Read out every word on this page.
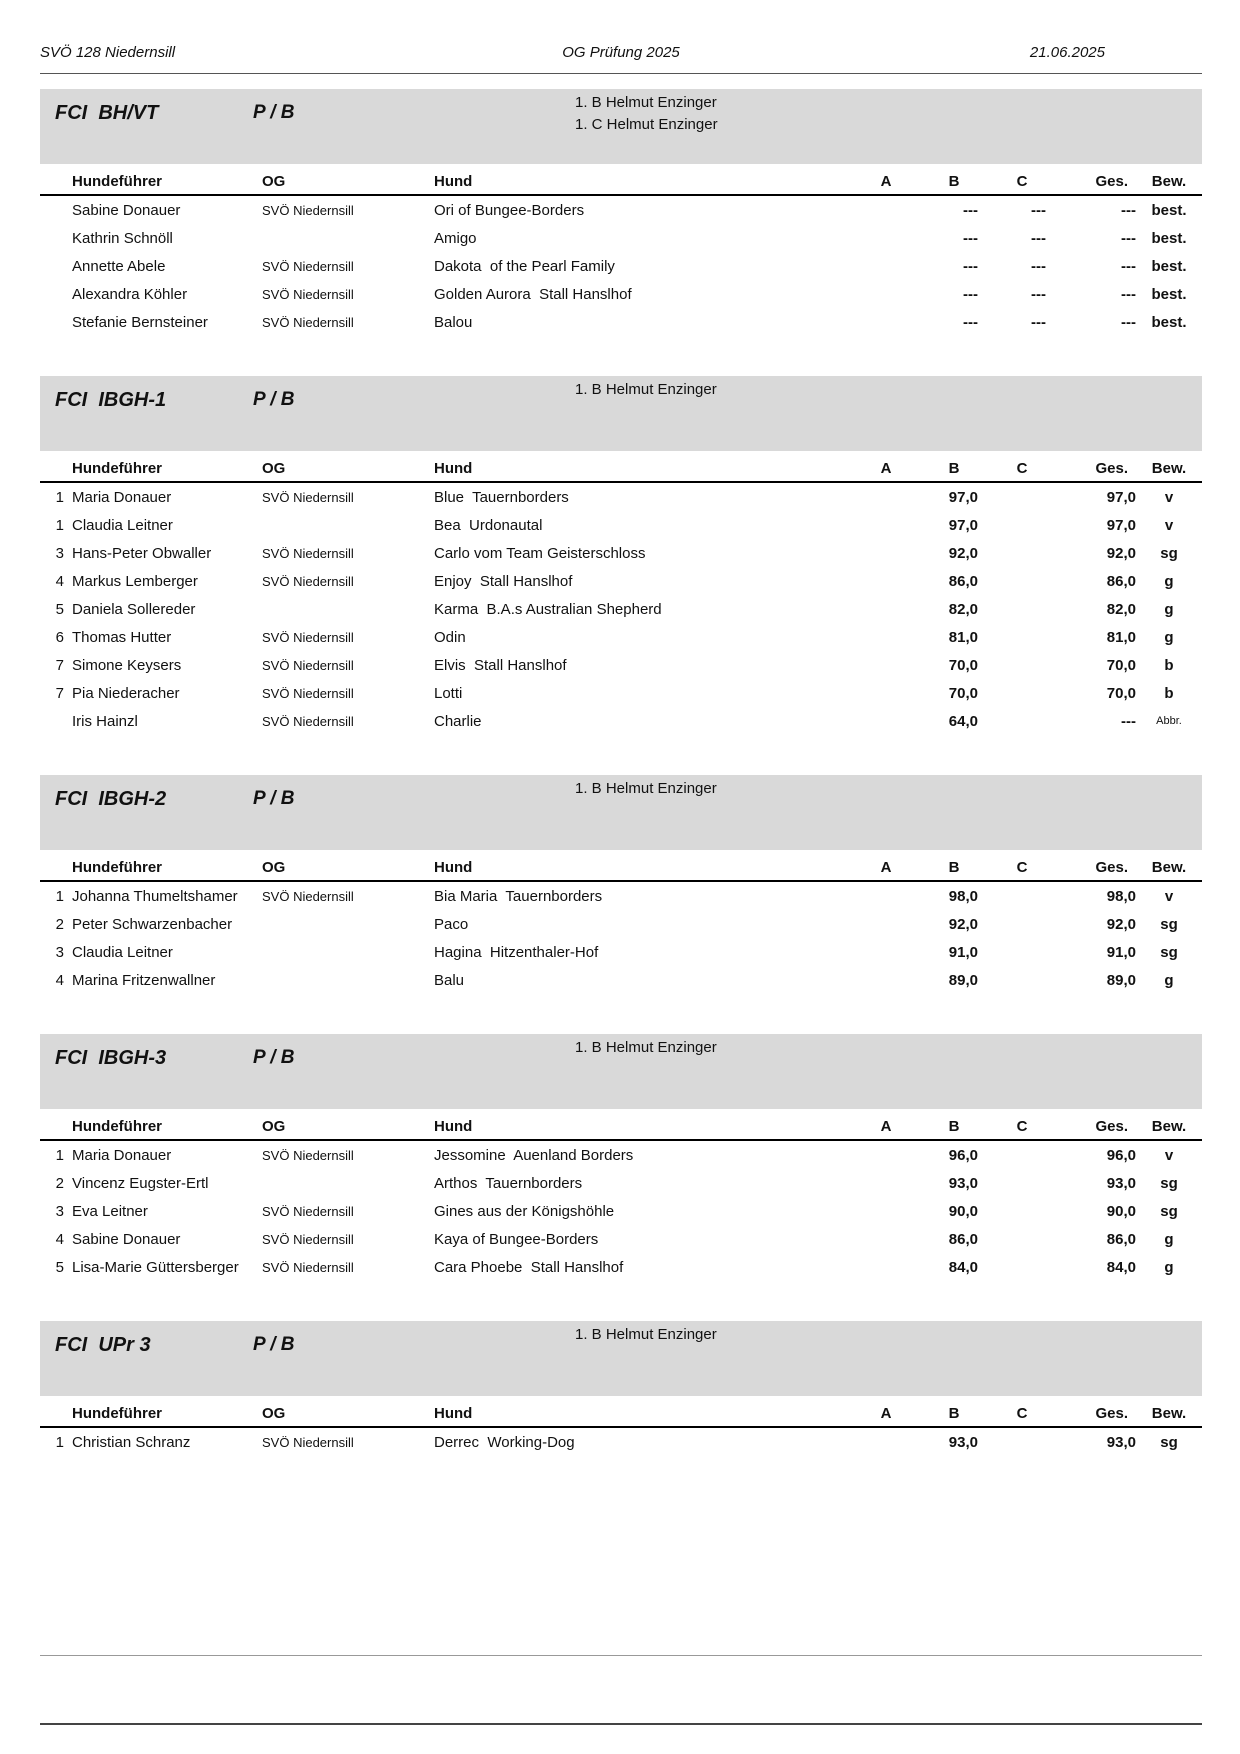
SVÖ 128 Niedernsill	OG Prüfung 2025	21.06.2025
FCI  BH/VT	P / B	1. B Helmut Enzinger
1. C Helmut Enzinger
	Hundeführer	OG	Hund	A	B	C	Ges.	Bew.
	Sabine Donauer	SVÖ Niedernsill	Ori of Bungee-Borders		---	---	---	best.
	Kathrin Schnöll		Amigo		---	---	---	best.
	Annette Abele	SVÖ Niedernsill	Dakota  of the Pearl Family		---	---	---	best.
	Alexandra Köhler	SVÖ Niedernsill	Golden Aurora  Stall Hanslhof		---	---	---	best.
	Stefanie Bernsteiner	SVÖ Niedernsill	Balou		---	---	---	best.
FCI  IBGH-1	P / B	1. B Helmut Enzinger
	Hundeführer	OG	Hund	A	B	C	Ges.	Bew.
1	Maria Donauer	SVÖ Niedernsill	Blue  Tauernborders		97,0		97,0	v
1	Claudia Leitner		Bea  Urdonautal		97,0		97,0	v
3	Hans-Peter Obwaller	SVÖ Niedernsill	Carlo vom Team Geisterschloss		92,0		92,0	sg
4	Markus Lemberger	SVÖ Niedernsill	Enjoy  Stall Hanslhof		86,0		86,0	g
5	Daniela Sollereder		Karma  B.A.s Australian Shepherd		82,0		82,0	g
6	Thomas Hutter	SVÖ Niedernsill	Odin		81,0		81,0	g
7	Simone Keysers	SVÖ Niedernsill	Elvis  Stall Hanslhof		70,0		70,0	b
7	Pia Niederacher	SVÖ Niedernsill	Lotti		70,0		70,0	b
	Iris Hainzl	SVÖ Niedernsill	Charlie		64,0		---	Abbr.
FCI  IBGH-2	P / B	1. B Helmut Enzinger
	Hundeführer	OG	Hund	A	B	C	Ges.	Bew.
1	Johanna Thumeltshamer	SVÖ Niedernsill	Bia Maria  Tauernborders		98,0		98,0	v
2	Peter Schwarzenbacher		Paco		92,0		92,0	sg
3	Claudia Leitner		Hagina  Hitzenthaler-Hof		91,0		91,0	sg
4	Marina Fritzenwallner		Balu		89,0		89,0	g
FCI  IBGH-3	P / B	1. B Helmut Enzinger
	Hundeführer	OG	Hund	A	B	C	Ges.	Bew.
1	Maria Donauer	SVÖ Niedernsill	Jessomine  Auenland Borders		96,0		96,0	v
2	Vincenz Eugster-Ertl		Arthos  Tauernborders		93,0		93,0	sg
3	Eva Leitner	SVÖ Niedernsill	Gines aus der Königshöhle		90,0		90,0	sg
4	Sabine Donauer	SVÖ Niedernsill	Kaya of Bungee-Borders		86,0		86,0	g
5	Lisa-Marie Güttersberger	SVÖ Niedernsill	Cara Phoebe  Stall Hanslhof		84,0		84,0	g
FCI  UPr 3	P / B	1. B Helmut Enzinger
	Hundeführer	OG	Hund	A	B	C	Ges.	Bew.
1	Christian Schranz	SVÖ Niedernsill	Derrec  Working-Dog		93,0		93,0	sg
